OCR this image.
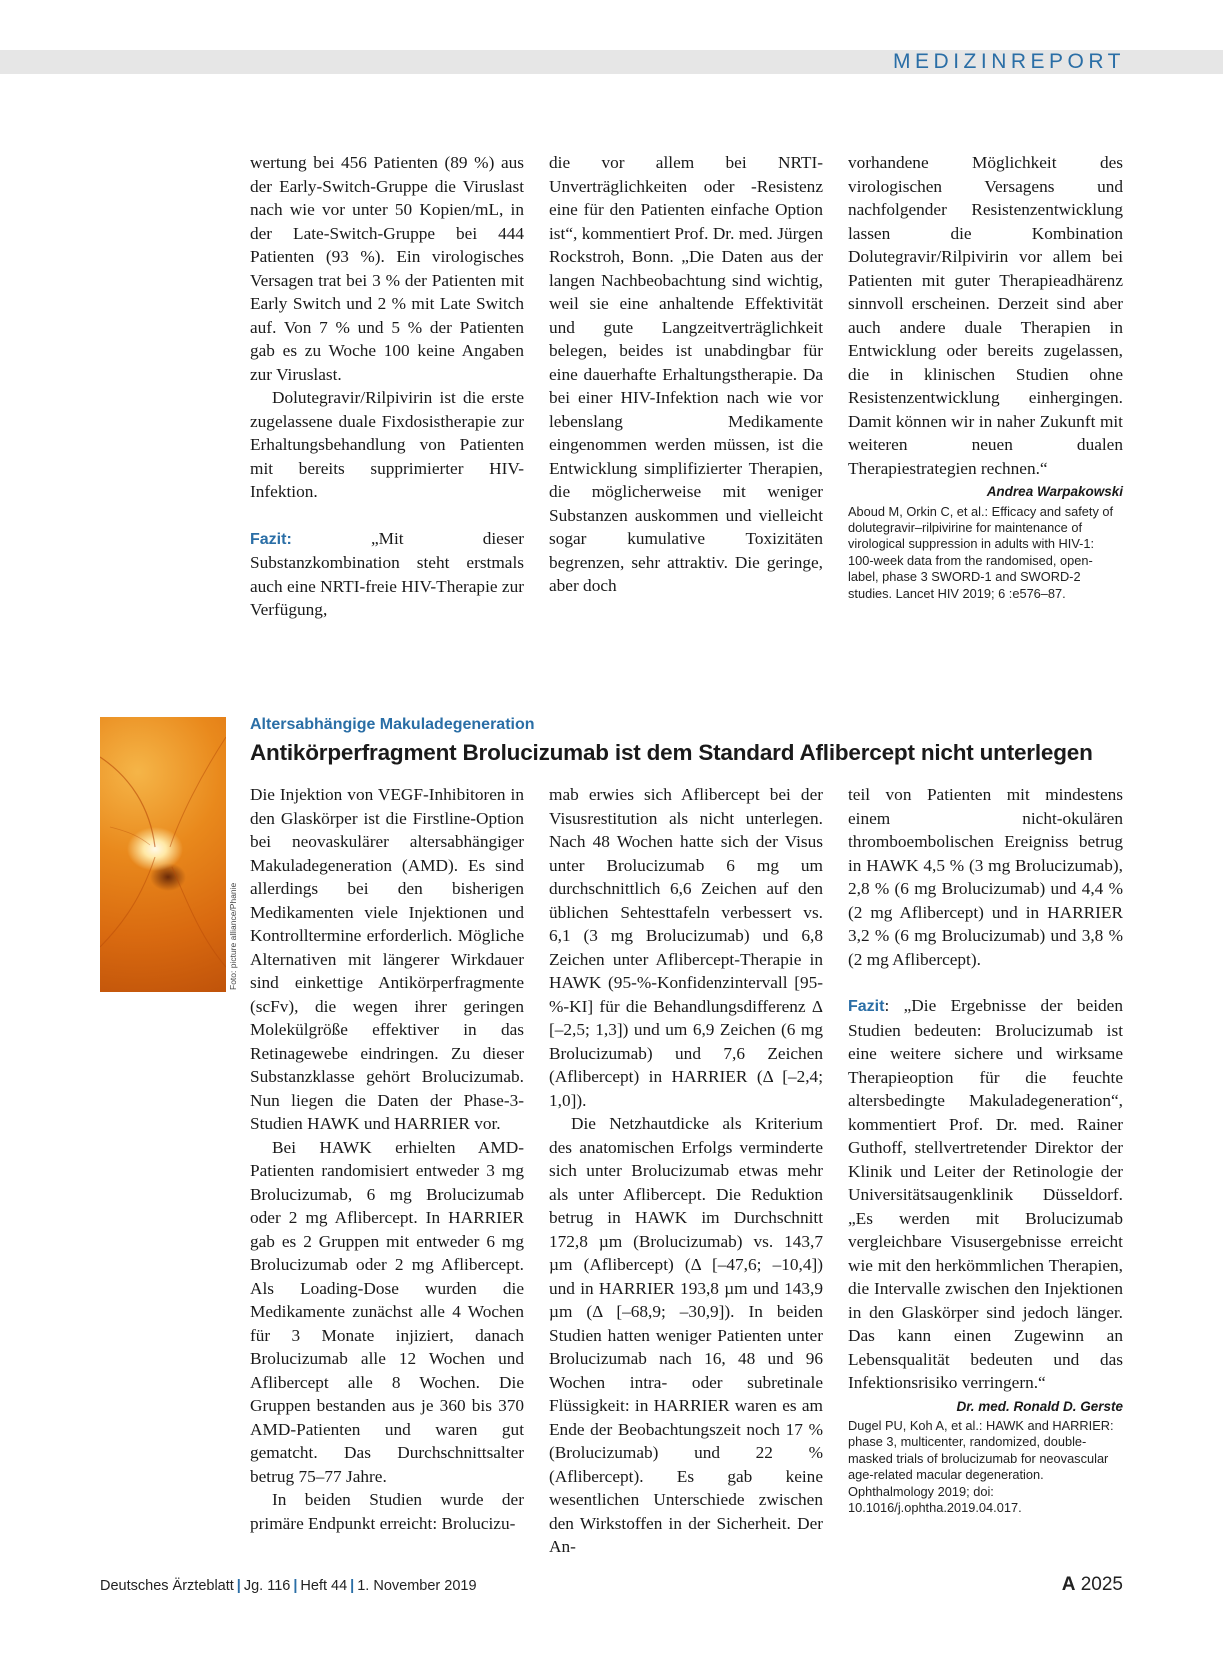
MEDIZINREPORT

wertung bei 456 Patienten (89 %) aus der Early-Switch-Gruppe die Viruslast nach wie vor unter 50 Kopien/mL, in der Late-Switch-Gruppe bei 444 Patienten (93 %). Ein virologisches Versagen trat bei 3 % der Patienten mit Early Switch und 2 % mit Late Switch auf. Von 7 % und 5 % der Patienten gab es zu Woche 100 keine Angaben zur Viruslast.

Dolutegravir/Rilpivirin ist die erste zugelassene duale Fixdosistherapie zur Erhaltungsbehandlung von Patienten mit bereits supprimierter HIV-Infektion.

Fazit: „Mit dieser Substanzkombination steht erstmals auch eine NRTI-freie HIV-Therapie zur Verfügung,

die vor allem bei NRTI-Unverträglichkeiten oder -Resistenz eine für den Patienten einfache Option ist“, kommentiert Prof. Dr. med. Jürgen Rockstroh, Bonn. „Die Daten aus der langen Nachbeobachtung sind wichtig, weil sie eine anhaltende Effektivität und gute Langzeitverträglichkeit belegen, beides ist unabdingbar für eine dauerhafte Erhaltungstherapie. Da bei einer HIV-Infektion nach wie vor lebenslang Medikamente eingenommen werden müssen, ist die Entwicklung simplifizierter Therapien, die möglicherweise mit weniger Substanzen auskommen und vielleicht sogar kumulative Toxizitäten begrenzen, sehr attraktiv. Die geringe, aber doch

vorhandene Möglichkeit des virologischen Versagens und nachfolgender Resistenzentwicklung lassen die Kombination Dolutegravir/Rilpivirin vor allem bei Patienten mit guter Therapieadhärenz sinnvoll erscheinen. Derzeit sind aber auch andere duale Therapien in Entwicklung oder bereits zugelassen, die in klinischen Studien ohne Resistenzentwicklung einhergingen. Damit können wir in naher Zukunft mit weiteren neuen dualen Therapiestrategien rechnen.“
Andrea Warpakowski

Aboud M, Orkin C, et al.: Efficacy and safety of dolutegravir–rilpivirine for maintenance of virological suppression in adults with HIV-1: 100-week data from the randomised, open-label, phase 3 SWORD-1 and SWORD-2 studies. Lancet HIV 2019; 6 :e576–87.

Foto: picture alliance/Phanie
Altersabhängige Makuladegeneration
Antikörperfragment Brolucizumab ist dem Standard Aflibercept nicht unterlegen

Die Injektion von VEGF-Inhibitoren in den Glaskörper ist die Firstline-Option bei neovaskulärer altersabhängiger Makuladegeneration (AMD). Es sind allerdings bei den bisherigen Medikamenten viele Injektionen und Kontrolltermine erforderlich. Mögliche Alternativen mit längerer Wirkdauer sind einkettige Antikörperfragmente (scFv), die wegen ihrer geringen Molekülgröße effektiver in das Retinagewebe eindringen. Zu dieser Substanzklasse gehört Brolucizumab. Nun liegen die Daten der Phase-3-Studien HAWK und HARRIER vor.

Bei HAWK erhielten AMD-Patienten randomisiert entweder 3 mg Brolucizumab, 6 mg Brolucizumab oder 2 mg Aflibercept. In HARRIER gab es 2 Gruppen mit entweder 6 mg Brolucizumab oder 2 mg Aflibercept. Als Loading-Dose wurden die Medikamente zunächst alle 4 Wochen für 3 Monate injiziert, danach Brolucizumab alle 12 Wochen und Aflibercept alle 8 Wochen. Die Gruppen bestanden aus je 360 bis 370 AMD-Patienten und waren gut gematcht. Das Durchschnittsalter betrug 75–77 Jahre.

In beiden Studien wurde der primäre Endpunkt erreicht: Brolucizu-

mab erwies sich Aflibercept bei der Visusrestitution als nicht unterlegen. Nach 48 Wochen hatte sich der Visus unter Brolucizumab 6 mg um durchschnittlich 6,6 Zeichen auf den üblichen Sehtesttafeln verbessert vs. 6,1 (3 mg Brolucizumab) und 6,8 Zeichen unter Aflibercept-Therapie in HAWK (95-%-Konfidenzintervall [95-%-KI] für die Behandlungsdifferenz Δ [–2,5; 1,3]) und um 6,9 Zeichen (6 mg Brolucizumab) und 7,6 Zeichen (Aflibercept) in HARRIER (Δ [–2,4; 1,0]).

Die Netzhautdicke als Kriterium des anatomischen Erfolgs verminderte sich unter Brolucizumab etwas mehr als unter Aflibercept. Die Reduktion betrug in HAWK im Durchschnitt 172,8 µm (Brolucizumab) vs. 143,7 µm (Aflibercept) (Δ [–47,6; –10,4]) und in HARRIER 193,8 µm und 143,9 µm (Δ [–68,9; –30,9]). In beiden Studien hatten weniger Patienten unter Brolucizumab nach 16, 48 und 96 Wochen intra- oder subretinale Flüssigkeit: in HARRIER waren es am Ende der Beobachtungszeit noch 17 % (Brolucizumab) und 22 % (Aflibercept). Es gab keine wesentlichen Unterschiede zwischen den Wirkstoffen in der Sicherheit. Der An-

teil von Patienten mit mindestens einem nicht-okulären thromboembolischen Ereigniss betrug in HAWK 4,5 % (3 mg Brolucizumab), 2,8 % (6 mg Brolucizumab) und 4,4 % (2 mg Aflibercept) und in HARRIER 3,2 % (6 mg Brolucizumab) und 3,8 % (2 mg Aflibercept).

Fazit: „Die Ergebnisse der beiden Studien bedeuten: Brolucizumab ist eine weitere sichere und wirksame Therapieoption für die feuchte altersbedingte Makuladegeneration“, kommentiert Prof. Dr. med. Rainer Guthoff, stellvertretender Direktor der Klinik und Leiter der Retinologie der Universitätsaugenklinik Düsseldorf. „Es werden mit Brolucizumab vergleichbare Visusergebnisse erreicht wie mit den herkömmlichen Therapien, die Intervalle zwischen den Injektionen in den Glaskörper sind jedoch länger. Das kann einen Zugewinn an Lebensqualität bedeuten und das Infektionsrisiko verringern.“
Dr. med. Ronald D. Gerste

Dugel PU, Koh A, et al.: HAWK and HARRIER: phase 3, multicenter, randomized, double-masked trials of brolucizumab for neovascular age-related macular degeneration. Ophthalmology 2019; doi: 10.1016/j.ophtha.2019.04.017.

Deutsches Ärzteblatt | Jg. 116 | Heft 44 | 1. November 2019	A 2025
